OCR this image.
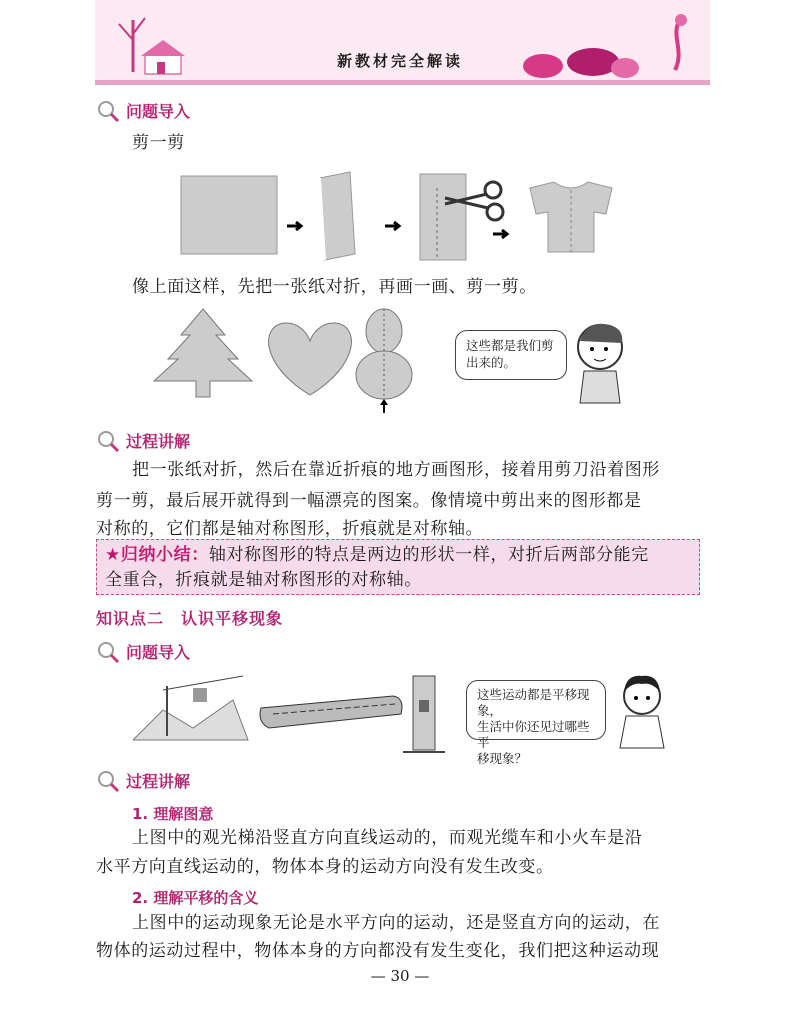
新教材完全解读
问题导入
剪一剪
像上面这样，先把一张纸对折，再画一画、剪一剪。
这些都是我们剪出来的。
过程讲解
把一张纸对折，然后在靠近折痕的地方画图形，接着用剪刀沿着图形
剪一剪，最后展开就得到一幅漂亮的图案。像情境中剪出来的图形都是
对称的，它们都是轴对称图形，折痕就是对称轴。
★归纳小结：轴对称图形的特点是两边的形状一样，对折后两部分能完
全重合，折痕就是轴对称图形的对称轴。
知识点二　认识平移现象
问题导入
这些运动都是平移现象，
生活中你还见过哪些平
移现象？
过程讲解
1. 理解图意
上图中的观光梯沿竖直方向直线运动的，而观光缆车和小火车是沿
水平方向直线运动的，物体本身的运动方向没有发生改变。
2. 理解平移的含义
上图中的运动现象无论是水平方向的运动，还是竖直方向的运动，在
物体的运动过程中，物体本身的方向都没有发生变化，我们把这种运动现
— 30 —
